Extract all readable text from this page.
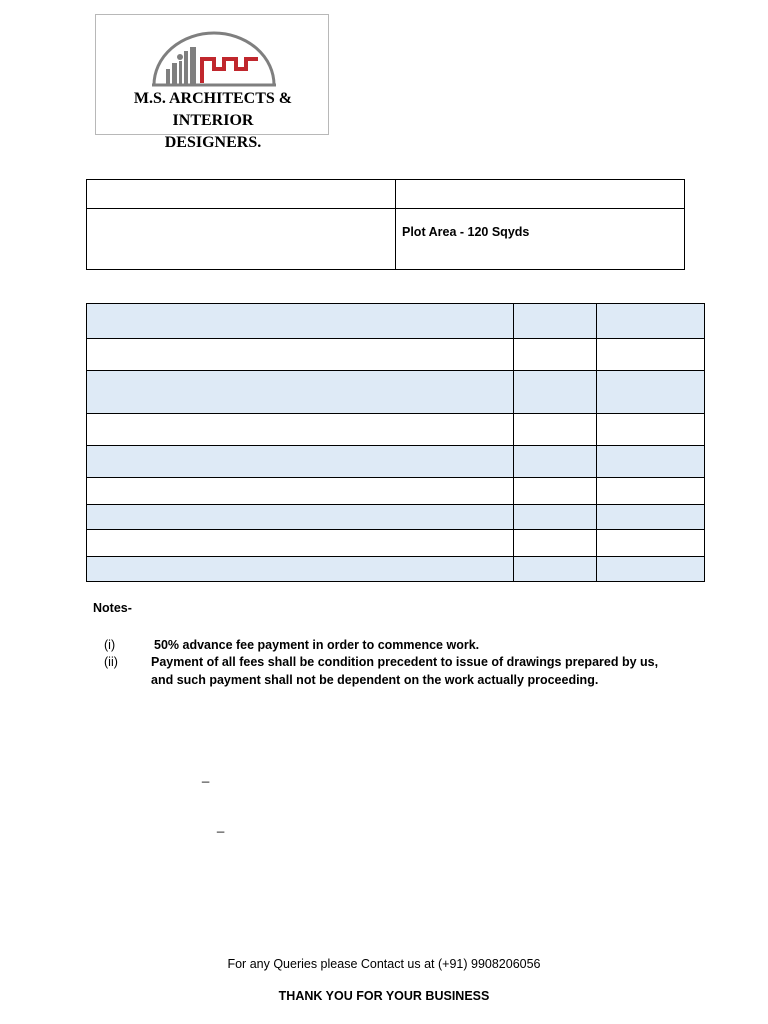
M.S. ARCHITECTS & INTERIOR
DESIGNERS.

	Plot Area - 120 Sqyds

Notes-
(i)	50% advance fee payment in order to commence work.
(ii)	Payment of all fees shall be condition precedent to issue of drawings prepared by us,
and such payment shall not be dependent on the work actually proceeding.
_
_
For any Queries please Contact us at (+91) 9908206056
THANK YOU FOR YOUR BUSINESS
